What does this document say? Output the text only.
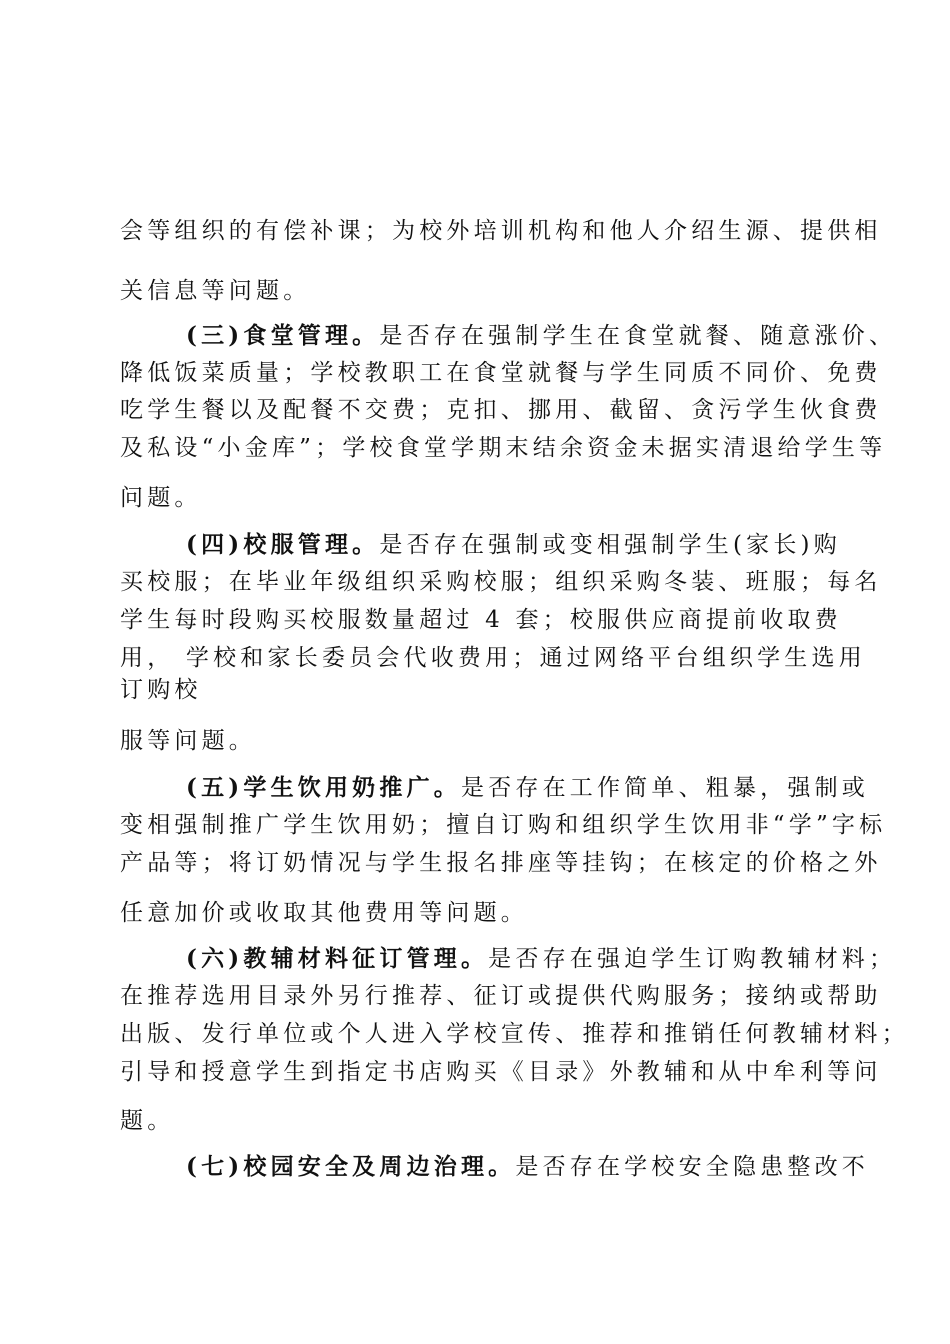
会等组织的有偿补课；为校外培训机构和他人介绍生源、提供相
关信息等问题。
(三)食堂管理。是否存在强制学生在食堂就餐、随意涨价、
降低饭菜质量；学校教职工在食堂就餐与学生同质不同价、免费
吃学生餐以及配餐不交费；克扣、挪用、截留、贪污学生伙食费
及私设“小金库”；学校食堂学期末结余资金未据实清退给学生等
问题。
(四)校服管理。是否存在强制或变相强制学生(家长)购
买校服；在毕业年级组织采购校服；组织采购冬装、班服；每名
学生每时段购买校服数量超过 4 套；校服供应商提前收取费
用， 学校和家长委员会代收费用；通过网络平台组织学生选用
订购校
服等问题。
(五)学生饮用奶推广。是否存在工作简单、粗暴，强制或
变相强制推广学生饮用奶；擅自订购和组织学生饮用非“学”字标
产品等；将订奶情况与学生报名排座等挂钩；在核定的价格之外
任意加价或收取其他费用等问题。
(六)教辅材料征订管理。是否存在强迫学生订购教辅材料；
在推荐选用目录外另行推荐、征订或提供代购服务；接纳或帮助
出版、发行单位或个人进入学校宣传、推荐和推销任何教辅材料；
引导和授意学生到指定书店购买《目录》外教辅和从中牟利等问
题。
(七)校园安全及周边治理。是否存在学校安全隐患整改不
